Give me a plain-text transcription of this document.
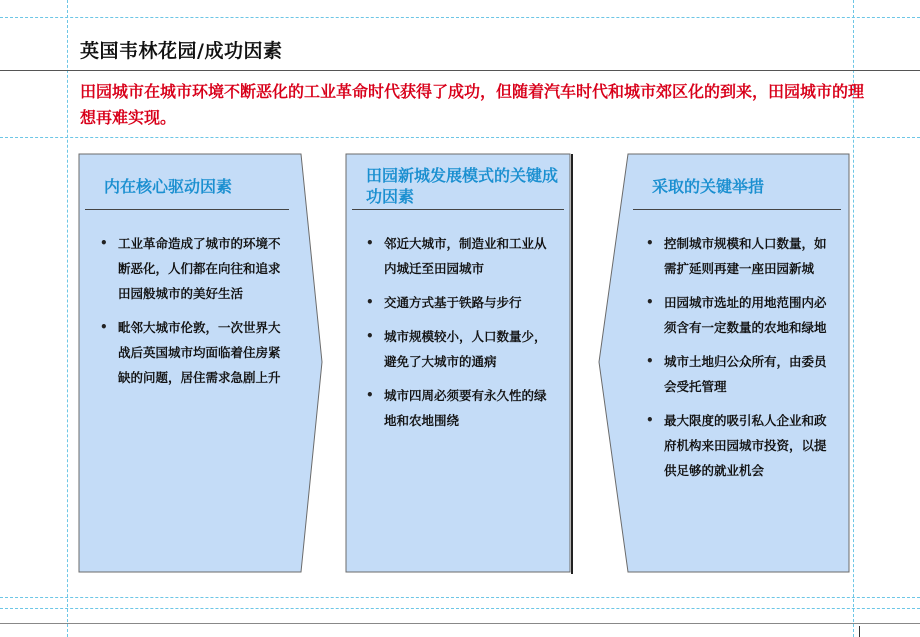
英国韦林花园/成功因素
田园城市在城市环境不断恶化的工业革命时代获得了成功，但随着汽车时代和城市郊区化的到来，田园城市的理想再难实现。
内在核心驱动因素
• 工业革命造成了城市的环境不断恶化，人们都在向往和追求田园般城市的美好生活
• 毗邻大城市伦敦，一次世界大战后英国城市均面临着住房紧缺的问题，居住需求急剧上升
田园新城发展模式的关键成功因素
• 邻近大城市，制造业和工业从内城迁至田园城市
• 交通方式基于铁路与步行
• 城市规模较小，人口数量少，避免了大城市的通病
• 城市四周必须要有永久性的绿地和农地围绕
采取的关键举措
• 控制城市规模和人口数量，如需扩延则再建一座田园新城
• 田园城市选址的用地范围内必须含有一定数量的农地和绿地
• 城市土地归公众所有，由委员会受托管理
• 最大限度的吸引私人企业和政府机构来田园城市投资，以提供足够的就业机会
